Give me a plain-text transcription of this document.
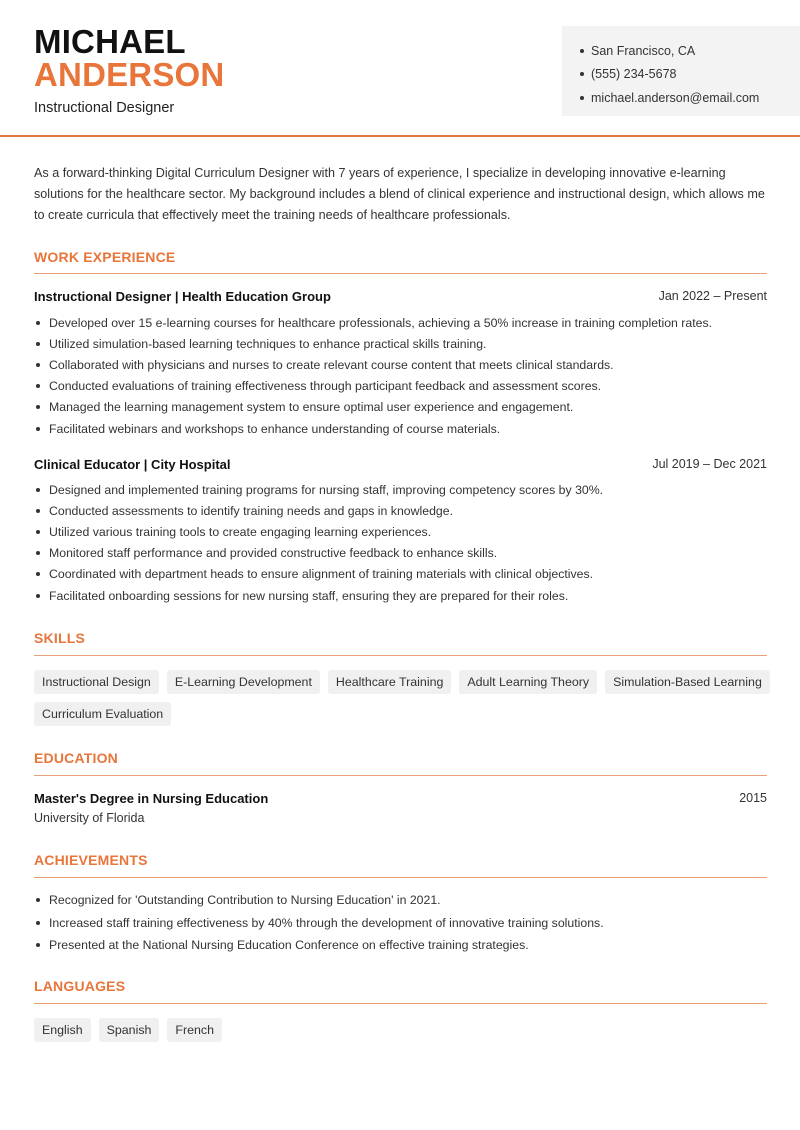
MICHAEL
ANDERSON
Instructional Designer
San Francisco, CA
(555) 234-5678
michael.anderson@email.com

As a forward-thinking Digital Curriculum Designer with 7 years of experience, I specialize in developing innovative e-learning solutions for the healthcare sector. My background includes a blend of clinical experience and instructional design, which allows me to create curricula that effectively meet the training needs of healthcare professionals.

WORK EXPERIENCE
Instructional Designer | Health Education Group	Jan 2022 – Present
Developed over 15 e-learning courses for healthcare professionals, achieving a 50% increase in training completion rates.
Utilized simulation-based learning techniques to enhance practical skills training.
Collaborated with physicians and nurses to create relevant course content that meets clinical standards.
Conducted evaluations of training effectiveness through participant feedback and assessment scores.
Managed the learning management system to ensure optimal user experience and engagement.
Facilitated webinars and workshops to enhance understanding of course materials.
Clinical Educator | City Hospital	Jul 2019 – Dec 2021
Designed and implemented training programs for nursing staff, improving competency scores by 30%.
Conducted assessments to identify training needs and gaps in knowledge.
Utilized various training tools to create engaging learning experiences.
Monitored staff performance and provided constructive feedback to enhance skills.
Coordinated with department heads to ensure alignment of training materials with clinical objectives.
Facilitated onboarding sessions for new nursing staff, ensuring they are prepared for their roles.
SKILLS
Instructional Design	E-Learning Development	Healthcare Training	Adult Learning Theory	Simulation-Based Learning
Curriculum Evaluation
EDUCATION
Master's Degree in Nursing Education	2015
University of Florida
ACHIEVEMENTS
Recognized for 'Outstanding Contribution to Nursing Education' in 2021.
Increased staff training effectiveness by 40% through the development of innovative training solutions.
Presented at the National Nursing Education Conference on effective training strategies.
LANGUAGES
English	Spanish	French
